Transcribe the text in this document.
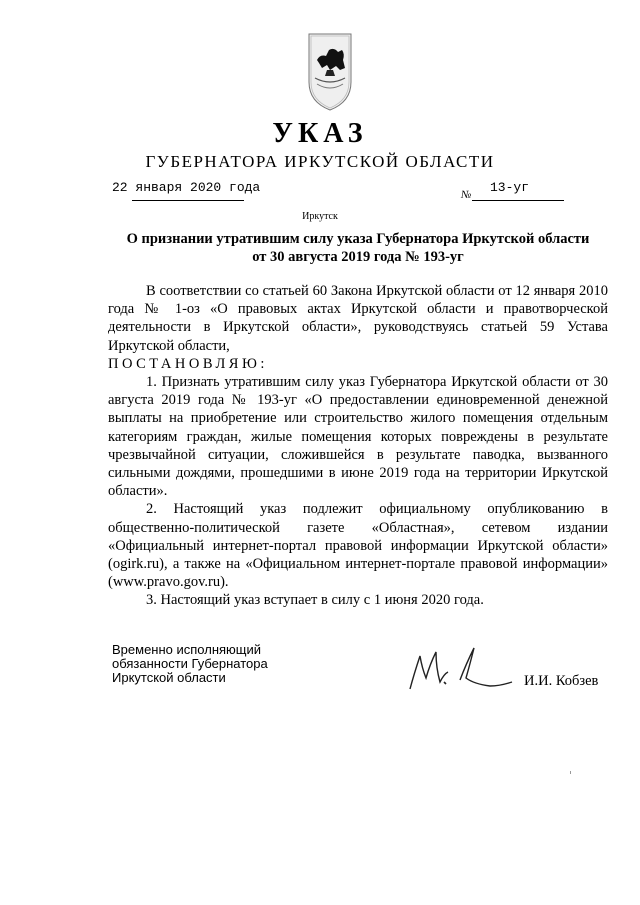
УКАЗ
ГУБЕРНАТОРА ИРКУТСКОЙ ОБЛАСТИ
22 января 2020 года	№ 13-уг
Иркутск
О признании утратившим силу указа Губернатора Иркутской области
от 30 августа 2019 года № 193-уг

В соответствии со статьей 60 Закона Иркутской области от 12 января 2010 года № 1-оз «О правовых актах Иркутской области и правотворческой деятельности в Иркутской области», руководствуясь статьей 59 Устава Иркутской области,

ПОСТАНОВЛЯЮ:

1. Признать утратившим силу указ Губернатора Иркутской области от 30 августа 2019 года № 193-уг «О предоставлении единовременной денежной выплаты на приобретение или строительство жилого помещения отдельным категориям граждан, жилые помещения которых повреждены в результате чрезвычайной ситуации, сложившейся в результате паводка, вызванного сильными дождями, прошедшими в июне 2019 года на территории Иркутской области».

2. Настоящий указ подлежит официальному опубликованию в общественно-политической газете «Областная», сетевом издании «Официальный интернет-портал правовой информации Иркутской области» (ogirk.ru), а также на «Официальном интернет-портале правовой информации» (www.pravo.gov.ru).

3. Настоящий указ вступает в силу с 1 июня 2020 года.

Временно исполняющий
обязанности Губернатора
Иркутской области	И.И. Кобзев
